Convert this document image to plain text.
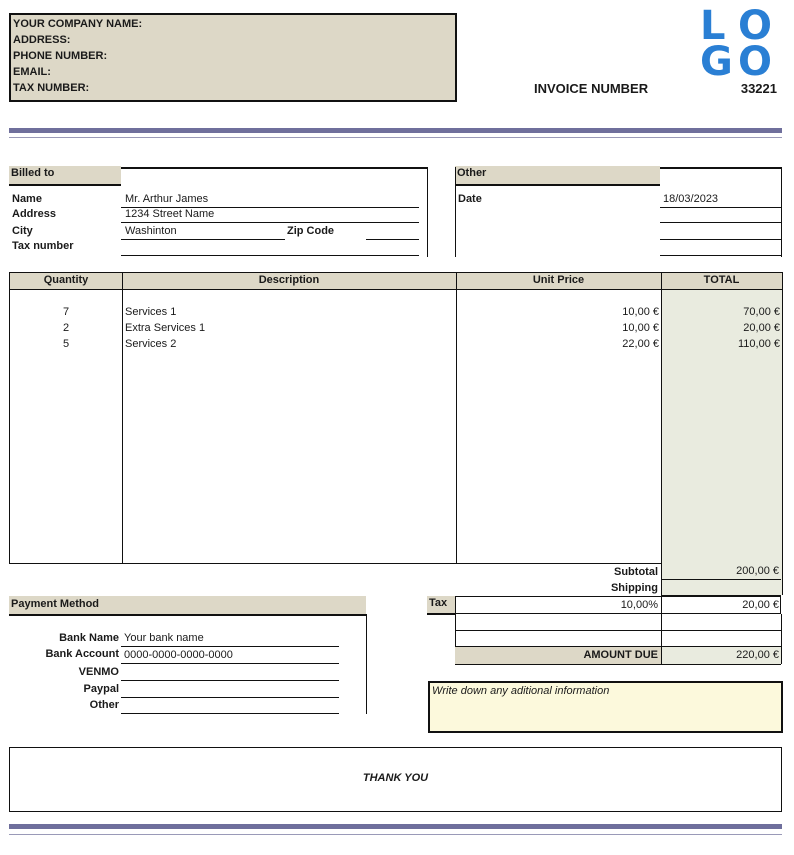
YOUR COMPANY NAME:
ADDRESS:
PHONE NUMBER:
EMAIL:
TAX NUMBER:
L O
G O
INVOICE NUMBER	33221
Billed to
Name	Mr. Arthur James
Address	1234 Street Name
City	Washinton	Zip Code
Tax number
Other
Date	18/03/2023
Quantity	Description	Unit Price	TOTAL
7	Services 1	10,00 €	70,00 €
2	Extra Services 1	10,00 €	20,00 €
5	Services 2	22,00 €	110,00 €
Subtotal	200,00 €
Shipping
Tax	10,00%	20,00 €
AMOUNT DUE	220,00 €
Payment Method
Bank Name Your bank name
Bank Account 0000-0000-0000-0000
VENMO
Paypal
Other
Write down any aditional information
THANK YOU
